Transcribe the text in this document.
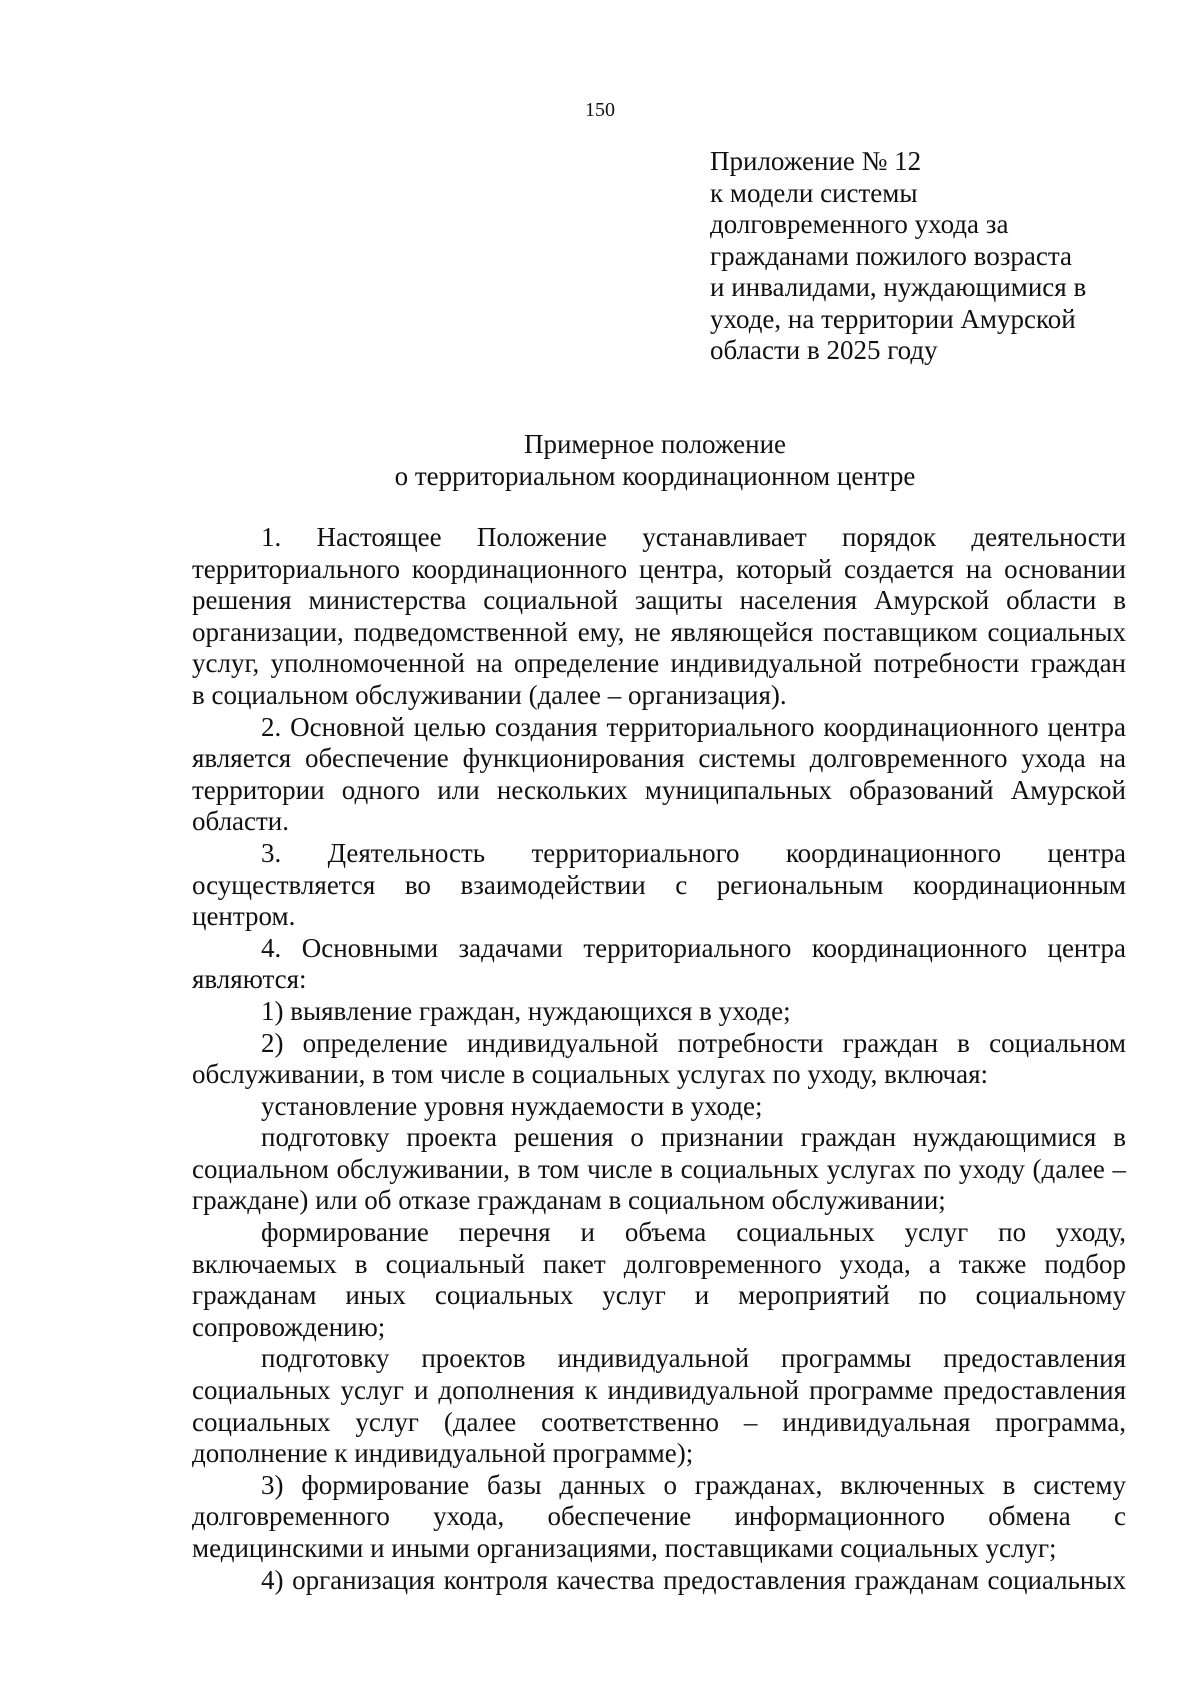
150
Приложение № 12
к модели системы
долговременного ухода за
гражданами пожилого возраста
и инвалидами, нуждающимися в
уходе, на территории Амурской
области в 2025 году
Примерное положение
о территориальном координационном центре
1. Настоящее Положение устанавливает порядок деятельности
территориального координационного центра, который создается на основании
решения министерства социальной защиты населения Амурской области в
организации, подведомственной ему, не являющейся поставщиком социальных
услуг, уполномоченной на определение индивидуальной потребности граждан
в социальном обслуживании (далее – организация).
2. Основной целью создания территориального координационного центра
является обеспечение функционирования системы долговременного ухода на
территории одного или нескольких муниципальных образований Амурской
области.
3. Деятельность территориального координационного центра
осуществляется во взаимодействии с региональным координационным
центром.
4. Основными задачами территориального координационного центра
являются:
1) выявление граждан, нуждающихся в уходе;
2) определение индивидуальной потребности граждан в социальном
обслуживании, в том числе в социальных услугах по уходу, включая:
установление уровня нуждаемости в уходе;
подготовку проекта решения о признании граждан нуждающимися в
социальном обслуживании, в том числе в социальных услугах по уходу (далее –
граждане) или об отказе гражданам в социальном обслуживании;
формирование перечня и объема социальных услуг по уходу,
включаемых в социальный пакет долговременного ухода, а также подбор
гражданам иных социальных услуг и мероприятий по социальному
сопровождению;
подготовку проектов индивидуальной программы предоставления
социальных услуг и дополнения к индивидуальной программе предоставления
социальных услуг (далее соответственно – индивидуальная программа,
дополнение к индивидуальной программе);
3) формирование базы данных о гражданах, включенных в систему
долговременного ухода, обеспечение информационного обмена с
медицинскими и иными организациями, поставщиками социальных услуг;
4) организация контроля качества предоставления гражданам социальных
